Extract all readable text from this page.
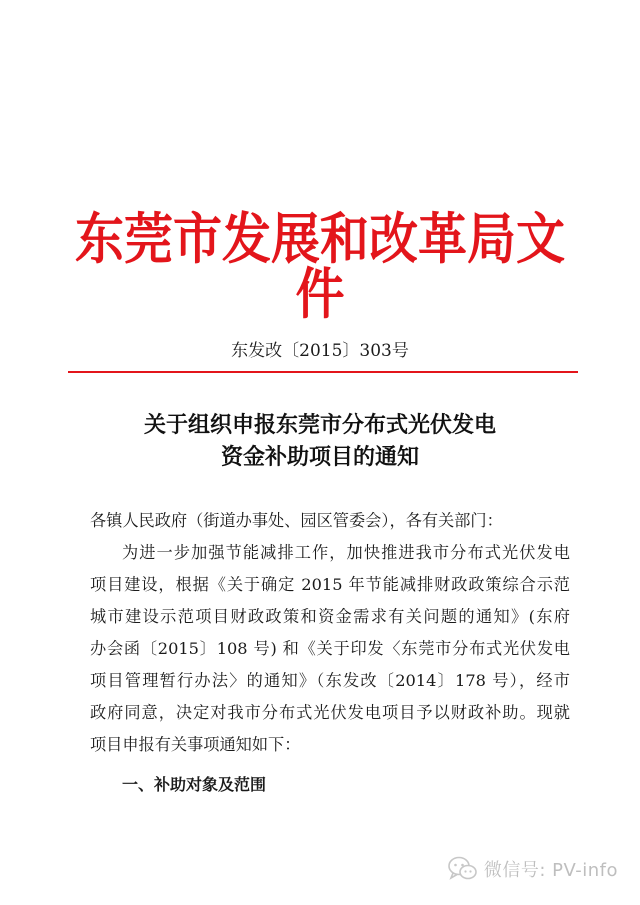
东莞市发展和改革局文件
东发改〔2015〕303号
关于组织申报东莞市分布式光伏发电
资金补助项目的通知
各镇人民政府（街道办事处、园区管委会），各有关部门：
为进一步加强节能减排工作，加快推进我市分布式光伏发电
项目建设，根据《关于确定 2015 年节能减排财政政策综合示范
城市建设示范项目财政政策和资金需求有关问题的通知》(东府
办会函〔2015〕108 号) 和《关于印发〈东莞市分布式光伏发电
项目管理暂行办法〉的通知》（东发改〔2014〕178 号），经市
政府同意，决定对我市分布式光伏发电项目予以财政补助。现就
项目申报有关事项通知如下：
一、补助对象及范围
微信号: PV-info
